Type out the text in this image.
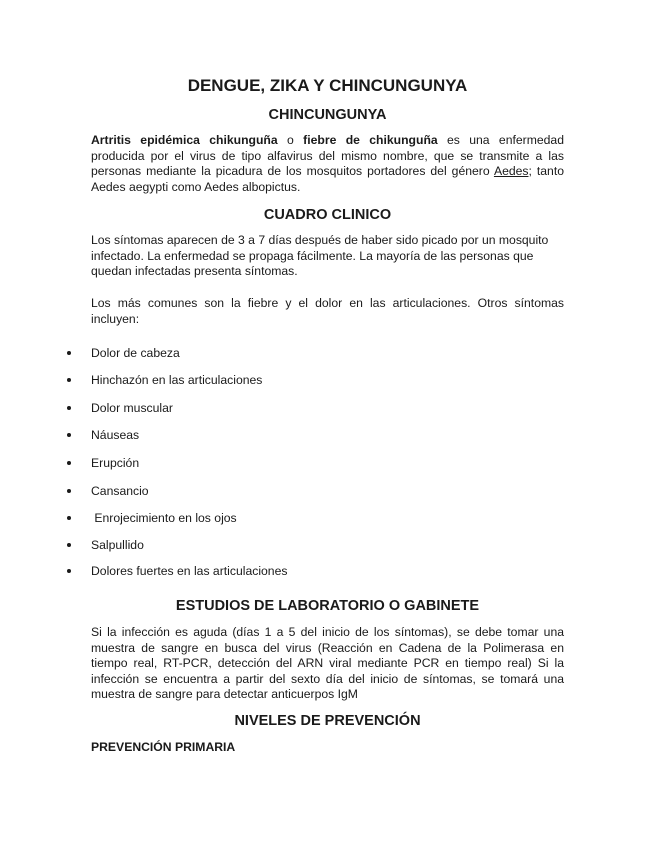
DENGUE, ZIKA Y CHINCUNGUNYA
CHINCUNGUNYA

Artritis epidémica chikunguña o fiebre de chikunguña es una enfermedad producida por el virus de tipo alfavirus del mismo nombre, que se transmite a las personas mediante la picadura de los mosquitos portadores del género Aedes; tanto Aedes aegypti como Aedes albopictus.

CUADRO CLINICO

Los síntomas aparecen de 3 a 7 días después de haber sido picado por un mosquito infectado. La enfermedad se propaga fácilmente. La mayoría de las personas que quedan infectadas presenta síntomas.

Los más comunes son la fiebre y el dolor en las articulaciones. Otros síntomas incluyen:

Dolor de cabeza
Hinchazón en las articulaciones
Dolor muscular
Náuseas
Erupción
Cansancio
Enrojecimiento en los ojos
Salpullido
Dolores fuertes en las articulaciones
ESTUDIOS DE LABORATORIO O GABINETE

Si la infección es aguda (días 1 a 5 del inicio de los síntomas), se debe tomar una muestra de sangre en busca del virus (Reacción en Cadena de la Polimerasa en tiempo real, RT-PCR, detección del ARN viral mediante PCR en tiempo real) Si la infección se encuentra a partir del sexto día del inicio de síntomas, se tomará una muestra de sangre para detectar anticuerpos IgM

NIVELES DE PREVENCIÓN
PREVENCIÓN PRIMARIA
